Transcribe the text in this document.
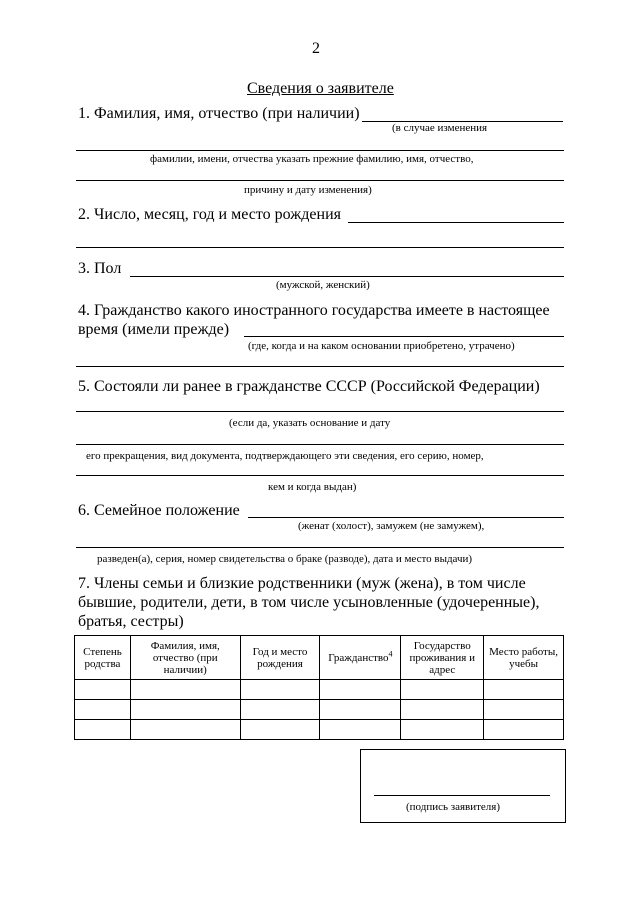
2
Сведения о заявителе
1. Фамилия, имя, отчество (при наличии)
(в случае изменения
фамилии, имени, отчества указать прежние фамилию, имя, отчество,
причину и дату изменения)
2. Число, месяц, год и место рождения
3. Пол
(мужской, женский)
4. Гражданство какого иностранного государства имеете в настоящее
время (имели прежде)
(где, когда и на каком основании приобретено, утрачено)
5. Состояли ли ранее в гражданстве СССР (Российской Федерации)
(если да, указать основание и дату
его прекращения, вид документа, подтверждающего эти сведения, его серию, номер,
кем и когда выдан)
6. Семейное положение
(женат (холост), замужем (не замужем),
разведен(а), серия, номер свидетельства о браке (разводе), дата и место выдачи)
7. Члены семьи и близкие родственники (муж (жена), в том числе
бывшие, родители, дети, в том числе усыновленные (удочеренные),
братья, сестры)
Степень родства	Фамилия, имя, отчество (при наличии)	Год и место рождения	Гражданство$^4$	Государство проживания и адрес	Место работы, учебы

(подпись заявителя)
